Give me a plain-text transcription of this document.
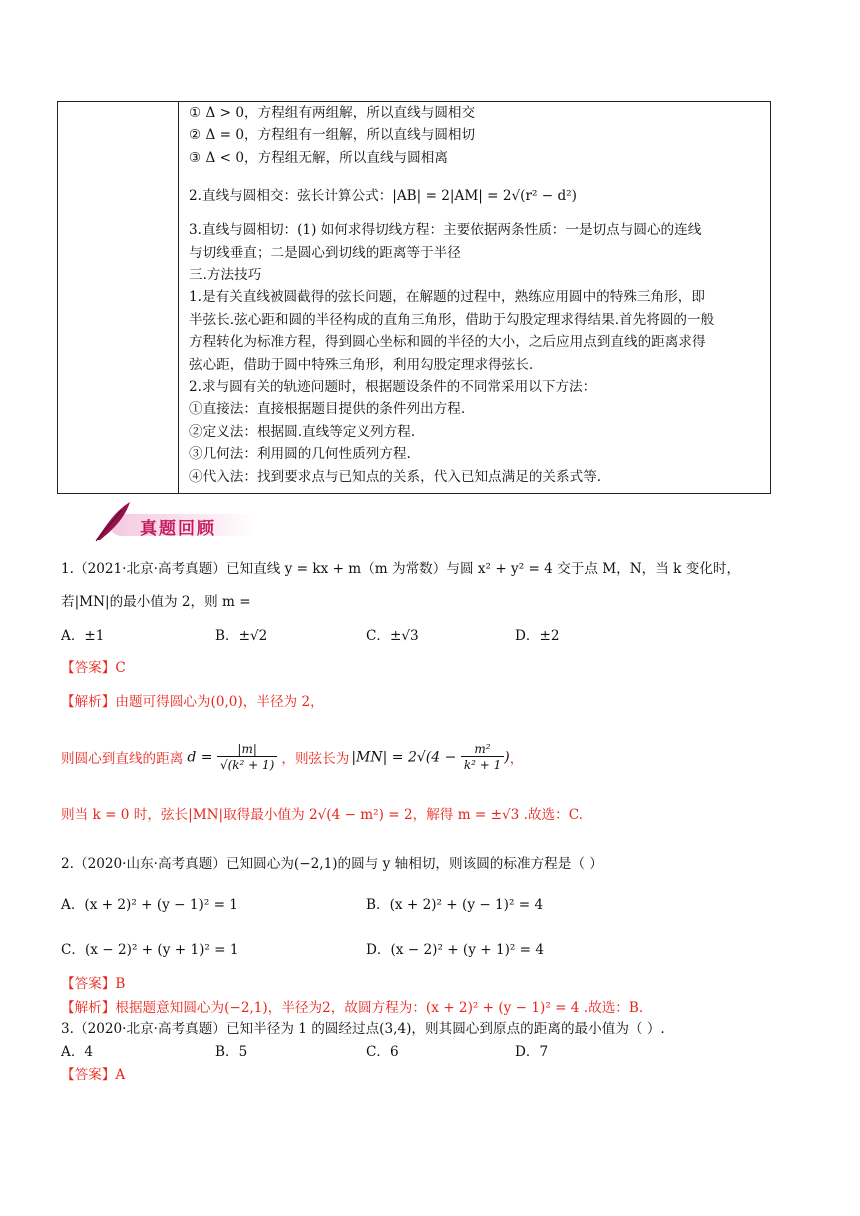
① Δ > 0，方程组有两组解，所以直线与圆相交
② Δ = 0，方程组有一组解，所以直线与圆相切
③ Δ < 0，方程组无解，所以直线与圆相离
2.直线与圆相交：弦长计算公式：|AB| = 2|AM| = 2√(r² − d²)
3.直线与圆相切：(1) 如何求得切线方程：主要依据两条性质：一是切点与圆心的连线
与切线垂直；二是圆心到切线的距离等于半径
三.方法技巧
1.是有关直线被圆截得的弦长问题，在解题的过程中，熟练应用圆中的特殊三角形，即
半弦长.弦心距和圆的半径构成的直角三角形，借助于勾股定理求得结果.首先将圆的一般
方程转化为标准方程，得到圆心坐标和圆的半径的大小，之后应用点到直线的距离求得
弦心距，借助于圆中特殊三角形，利用勾股定理求得弦长.
2.求与圆有关的轨迹问题时，根据题设条件的不同常采用以下方法：
①直接法：直接根据题目提供的条件列出方程.
②定义法：根据圆.直线等定义列方程.
③几何法：利用圆的几何性质列方程.
④代入法：找到要求点与已知点的关系，代入已知点满足的关系式等.
真题回顾
1.（2021·北京·高考真题）已知直线 y = kx + m（m 为常数）与圆 x² + y² = 4 交于点 M，N，当 k 变化时，
若|MN|的最小值为 2，则 m =
A．±1	B．±√2	C．±√3	D．±2
【答案】C
【解析】由题可得圆心为(0,0)，半径为 2，
则圆心到直线的距离 $d = \frac{|m|}{\text{√(k² + 1)}}$ ，则弦长为 $|MN| = 2√(4 - \frac{\text{m²}}{\text{k² + 1}}$ ) ，
则当 k = 0 时，弦长|MN|取得最小值为 2√(4 − m²) = 2，解得 m = ±√3 .故选：C.
2.（2020·山东·高考真题）已知圆心为(−2,1)的圆与 y 轴相切，则该圆的标准方程是（ ）
A．(x + 2)² + (y − 1)² = 1	B．(x + 2)² + (y − 1)² = 4
C．(x − 2)² + (y + 1)² = 1	D．(x − 2)² + (y + 1)² = 4
【答案】B
【解析】根据题意知圆心为(−2,1)，半径为2，故圆方程为：(x + 2)² + (y − 1)² = 4 .故选：B.
3.（2020·北京·高考真题）已知半径为 1 的圆经过点(3,4)，则其圆心到原点的距离的最小值为（ ）.
A．4	B．5	C．6	D．7
【答案】A
